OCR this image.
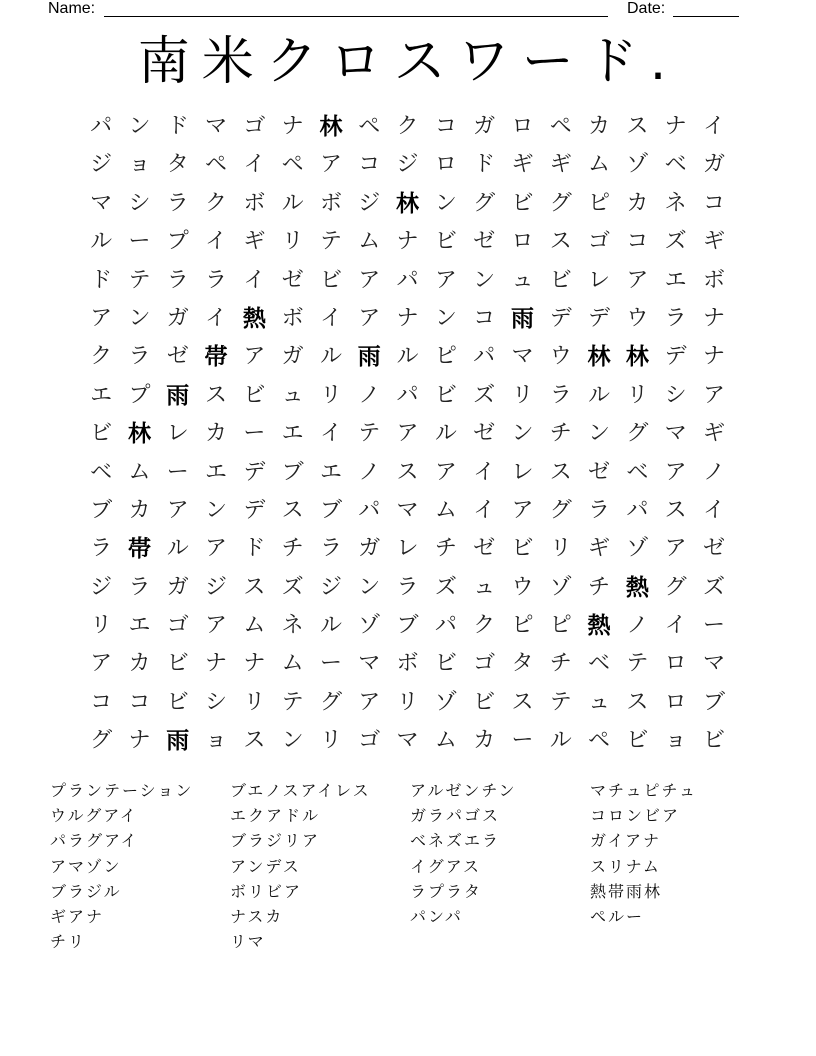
Name:	Date:
南米クロスワード.
パ ン ド マ ゴ ナ 林 ペ ク コ ガ ロ ペ カ ス ナ イ
ジ ョ タ ペ イ ペ ア コ ジ ロ ド ギ ギ ム ゾ ベ ガ
マ シ ラ ク ボ ル ボ ジ 林 ン グ ビ グ ピ カ ネ コ
ル ー プ イ ギ リ テ ム ナ ビ ゼ ロ ス ゴ コ ズ ギ
ド テ ラ ラ イ ゼ ビ ア パ ア ン ュ ビ レ ア エ ボ
ア ン ガ イ 熱 ボ イ ア ナ ン コ 雨 デ デ ウ ラ ナ
ク ラ ゼ 帯 ア ガ ル 雨 ル ピ パ マ ウ 林 林 デ ナ
エ プ 雨 ス ビ ュ リ ノ パ ビ ズ リ ラ ル リ シ ア
ビ 林 レ カ ー エ イ テ ア ル ゼ ン チ ン グ マ ギ
ベ ム ー エ デ ブ エ ノ ス ア イ レ ス ゼ ベ ア ノ
ブ カ ア ン デ ス ブ パ マ ム イ ア グ ラ パ ス イ
ラ 帯 ル ア ド チ ラ ガ レ チ ゼ ビ リ ギ ゾ ア ゼ
ジ ラ ガ ジ ス ズ ジ ン ラ ズ ュ ウ ゾ チ 熱 グ ズ
リ エ ゴ ア ム ネ ル ゾ ブ パ ク ピ ピ 熱 ノ イ ー
ア カ ビ ナ ナ ム ー マ ボ ビ ゴ タ チ ベ テ ロ マ
コ コ ビ シ リ テ グ ア リ ゾ ビ ス テ ュ ス ロ ブ
グ ナ 雨 ョ ス ン リ ゴ マ ム カ ー ル ペ ビ ョ ビ
プランテーション
ウルグアイ
パラグアイ
アマゾン
ブラジル
ギアナ
チリ
ブエノスアイレス
エクアドル
ブラジリア
アンデス
ボリビア
ナスカ
リマ
アルゼンチン
ガラパゴス
ベネズエラ
イグアス
ラプラタ
パンパ
マチュピチュ
コロンビア
ガイアナ
スリナム
熱帯雨林
ペルー
